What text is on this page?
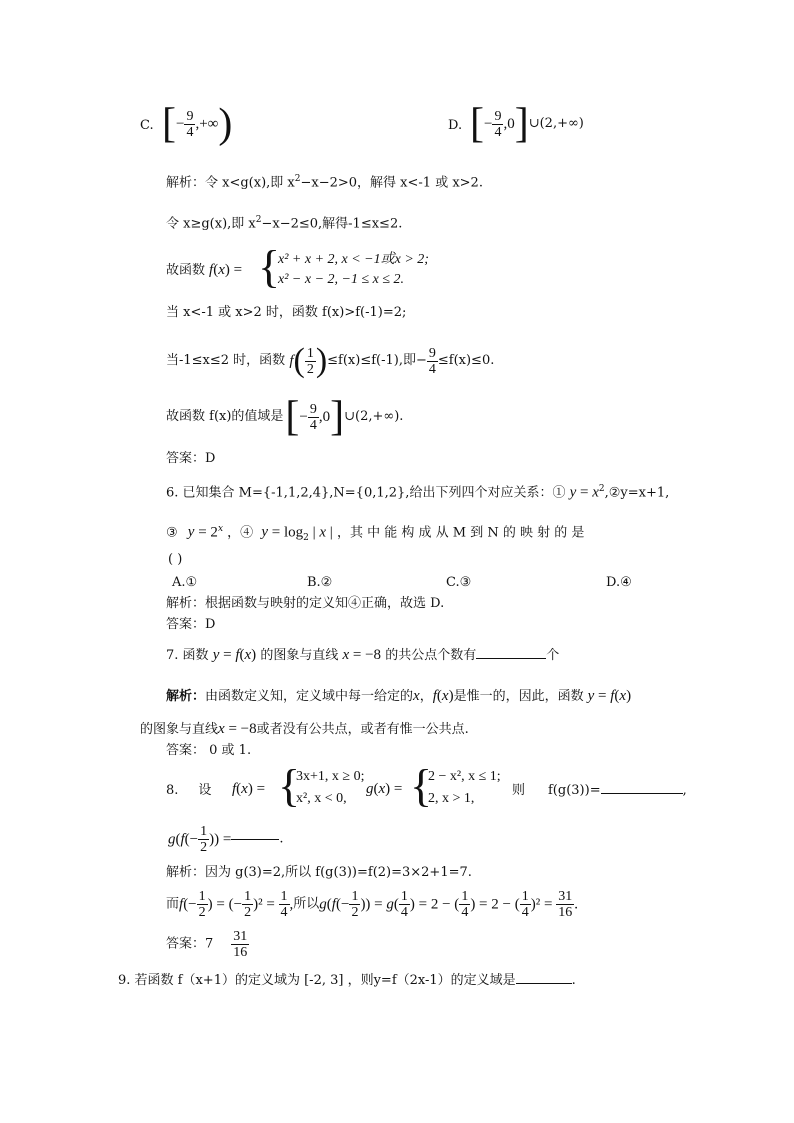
C. [− $\frac{9}{4}$ ,+∞)	D. [− $\frac{9}{4}$ ,0]∪(2,+∞)
解析：令 x<g(x),即 $x^2-x-2>0$，解得 x<-1 或 x>2.
令 x≥g(x),即 $x^2-x-2\le 0$,解得-1≤x≤2.
故函数 f(x) = {
x² + x + 2, x < −1或x > 2;
x² − x − 2, −1 ≤ x ≤ 2.
当 x<-1 或 x>2 时，函数 f(x)>f(-1)=2;
当-1≤x≤2 时，函数 $f( \frac{1}{2} )\le f(x)\le f(-1)$,即− $\frac{9}{4} \le f(x)\le 0$.
故函数 f(x)的值域是[− $\frac{9}{4}$ ,0]∪(2,+∞).
答案：D
6. 已知集合 M={-1,1,2,4},N={0,1,2},给出下列四个对应关系：① $y = x^2,②y=x+1$,
③ $y = 2^x$ ，④ $y = \log_2$ | x | ，其 中 能 构 成 从 M 到 N 的 映 射 的 是
( )
A.①	B.②	C.③	D.④
解析：根据函数与映射的定义知④正确，故选 D.
答案：D
7. 函数 y = f(x) 的图象与直线 x = −8 的共公点个数有	个
解析：由函数定义知，定义域中每一给定的x，f(x)是惟一的，因此，函数 y = f(x)
的图象与直线x = −8或者没有公共点，或者有惟一公共点.
答案： 0 或 1.
8. 设 f(x) = {
3x+1, x ≥ 0;
x², x < 0,
g(x) = {
2 − x², x ≤ 1;
2, x > 1,
则 f(g(3))=	,
$g(f(- \frac{1}{2}$ )) =	.
解析：因为 g(3)=2,所以 f(g(3))=f(2)=3×2+1=7.
而$f(- \frac{1}{2}$ ) = (− $\frac{1}{2} )^2 = \frac{1}{4}$ ,所以$g(f(- \frac{1}{2}$ )) = $g( \frac{1}{4}$ ) = 2 − ( $\frac{1}{4}$ ) = 2 − ( $\frac{1}{4} )^2 = \frac{31}{16}$ .
答案：$7 \frac{31}{16}$
9. 若函数 f（x+1）的定义域为 [-2, 3] ，则y=f（2x-1）的定义域是	.
